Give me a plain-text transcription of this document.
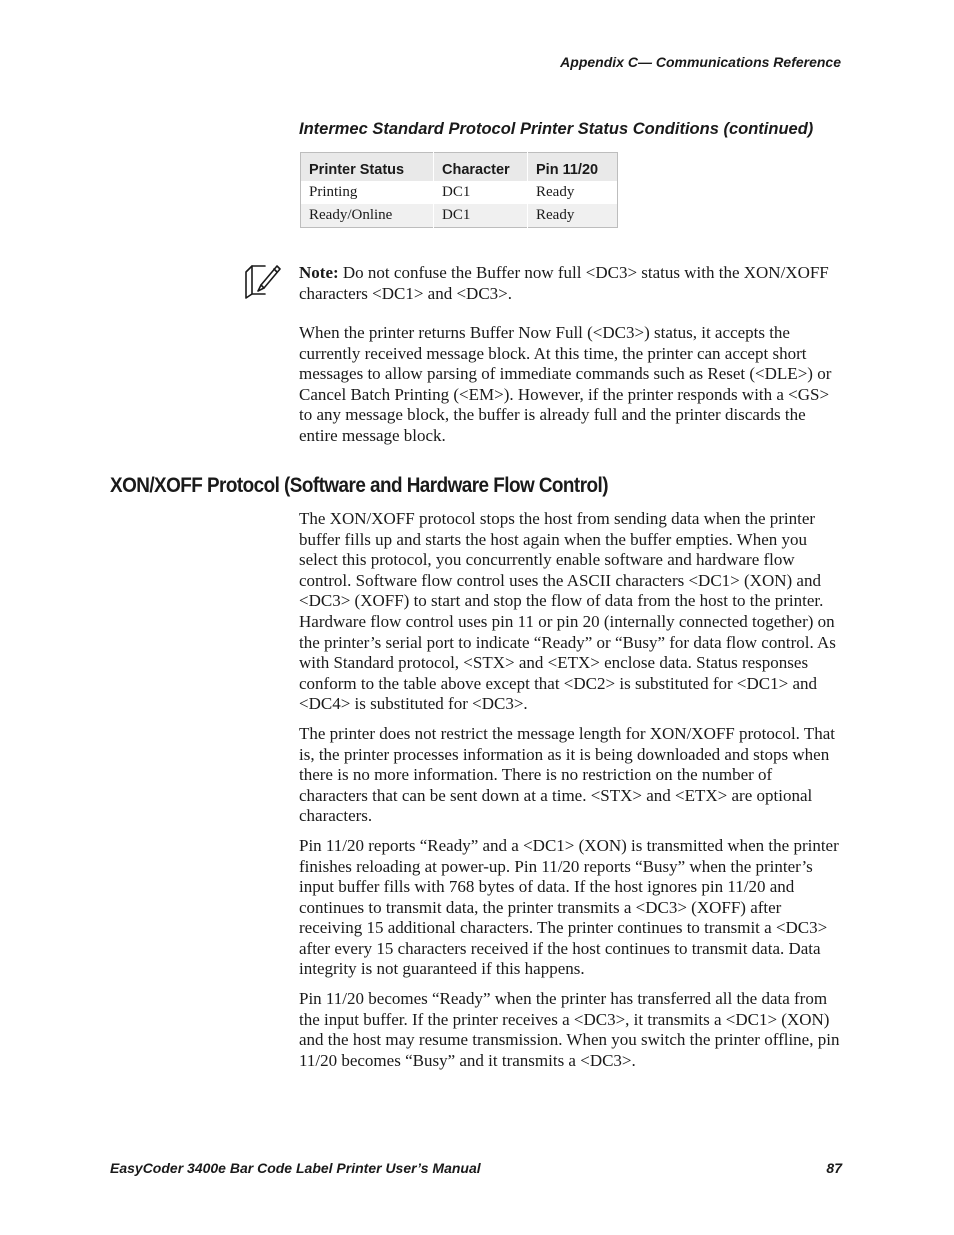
Appendix C— Communications Reference
Intermec Standard Protocol Printer Status Conditions (continued)
Printer Status	Character	Pin 11/20
Printing	DC1	Ready
Ready/Online	DC1	Ready

Note: Do not confuse the Buffer now full <DC3> status with the XON/XOFF characters <DC1> and <DC3>.

When the printer returns Buffer Now Full (<DC3>) status, it accepts the currently received message block. At this time, the printer can accept short messages to allow parsing of immediate commands such as Reset (<DLE>) or Cancel Batch Printing (<EM>). However, if the printer responds with a <GS> to any message block, the buffer is already full and the printer discards the entire message block.

XON/XOFF Protocol (Software and Hardware Flow Control)

The XON/XOFF protocol stops the host from sending data when the printer buffer fills up and starts the host again when the buffer empties. When you select this protocol, you concurrently enable software and hardware flow control. Software flow control uses the ASCII characters <DC1> (XON) and <DC3> (XOFF) to start and stop the flow of data from the host to the printer. Hardware flow control uses pin 11 or pin 20 (internally connected together) on the printer’s serial port to indicate “Ready” or “Busy” for data flow control. As with Standard protocol, <STX> and <ETX> enclose data. Status responses conform to the table above except that <DC2> is substituted for <DC1> and <DC4> is substituted for <DC3>.

The printer does not restrict the message length for XON/XOFF protocol. That is, the printer processes information as it is being downloaded and stops when there is no more information. There is no restriction on the number of characters that can be sent down at a time. <STX> and <ETX> are optional characters.

Pin 11/20 reports “Ready” and a <DC1> (XON) is transmitted when the printer finishes reloading at power-up. Pin 11/20 reports “Busy” when the printer’s input buffer fills with 768 bytes of data. If the host ignores pin 11/20 and continues to transmit data, the printer transmits a <DC3> (XOFF) after receiving 15 additional characters. The printer continues to transmit a <DC3> after every 15 characters received if the host continues to transmit data. Data integrity is not guaranteed if this happens.

Pin 11/20 becomes “Ready” when the printer has transferred all the data from the input buffer. If the printer receives a <DC3>, it transmits a <DC1> (XON) and the host may resume transmission. When you switch the printer offline, pin 11/20 becomes “Busy” and it transmits a <DC3>.

EasyCoder 3400e Bar Code Label Printer User’s Manual	87
